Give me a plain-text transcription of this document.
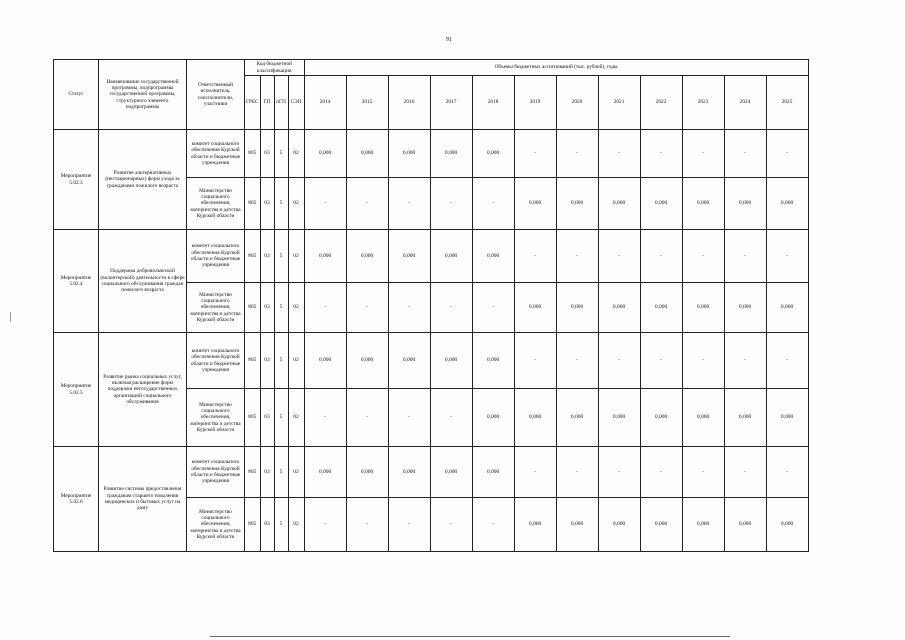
91
Статус	Наименование государственной программы, подпрограммы государственной программы, структурного элемента подпрограммы	Ответственный исполнитель, соисполнители, участники	Код бюджетной классификации				Объемы бюджетных ассигнований (тыс. рублей), годы											
			ГРБС	ГП	пГП	СЭП	2014	2015	2016	2017	2018	2019	2020	2021	2022	2023	2024	2025
Мероприятие 5.02.3	Развитие альтернативных (нестационарных) форм ухода за гражданами пожилого возраста	комитет социального обеспечения Курской области и бюджетные учреждения	805	03	5	02	0,000	0,000	0,000	0,000	0,000	-	-	-	-	-	-	-
		Министерство социального обеспечения, материнства и детства Курской области	805	03	5	02	-	-	-	-	-	0,000	0,000	0,000	0,000	0,000	0,000	0,000
Мероприятие 5.02.4	Поддержка добровольческой (волонтерской) деятельности в сфере социального обслуживания граждан пожилого возраста	комитет социального обеспечения Курской области и бюджетные учреждения	805	03	5	02	0,000	0,000	0,000	0,000	0,000	-	-	-	-	-	-	-
		Министерство социального обеспечения, материнства и детства Курской области	805	03	5	02	-	-	-	-	-	0,000	0,000	0,000	0,000	0,000	0,000	0,000
Мероприятие 5.02.5	Развитие рынка социальных услуг, включая расширение форм поддержки негосударственных организаций социального обслуживания	комитет социального обеспечения Курской области и бюджетные учреждения	805	03	5	02	0,000	0,000	0,000	0,000	0,000	-	-	-	-	-	-	-
		Министерство социального обеспечения, материнства и детства Курской области	805	03	5	02	-	-	-	-	0,000	0,000	0,000	0,000	0,000	0,000	0,000	0,000
Мероприятие 5.02.6	Развитие системы предоставления гражданам старшего поколения медицинских и бытовых услуг на дому	комитет социального обеспечения Курской области и бюджетные учреждения	805	03	5	02	0,000	0,000	0,000	0,000	0,000	-	-	-	-	-	-	-
		Министерство социального обеспечения, материнства и детства Курской области	805	03	5	02	-	-	-	-	-	0,000	0,000	0,000	0,000	0,000	0,000	0,000
